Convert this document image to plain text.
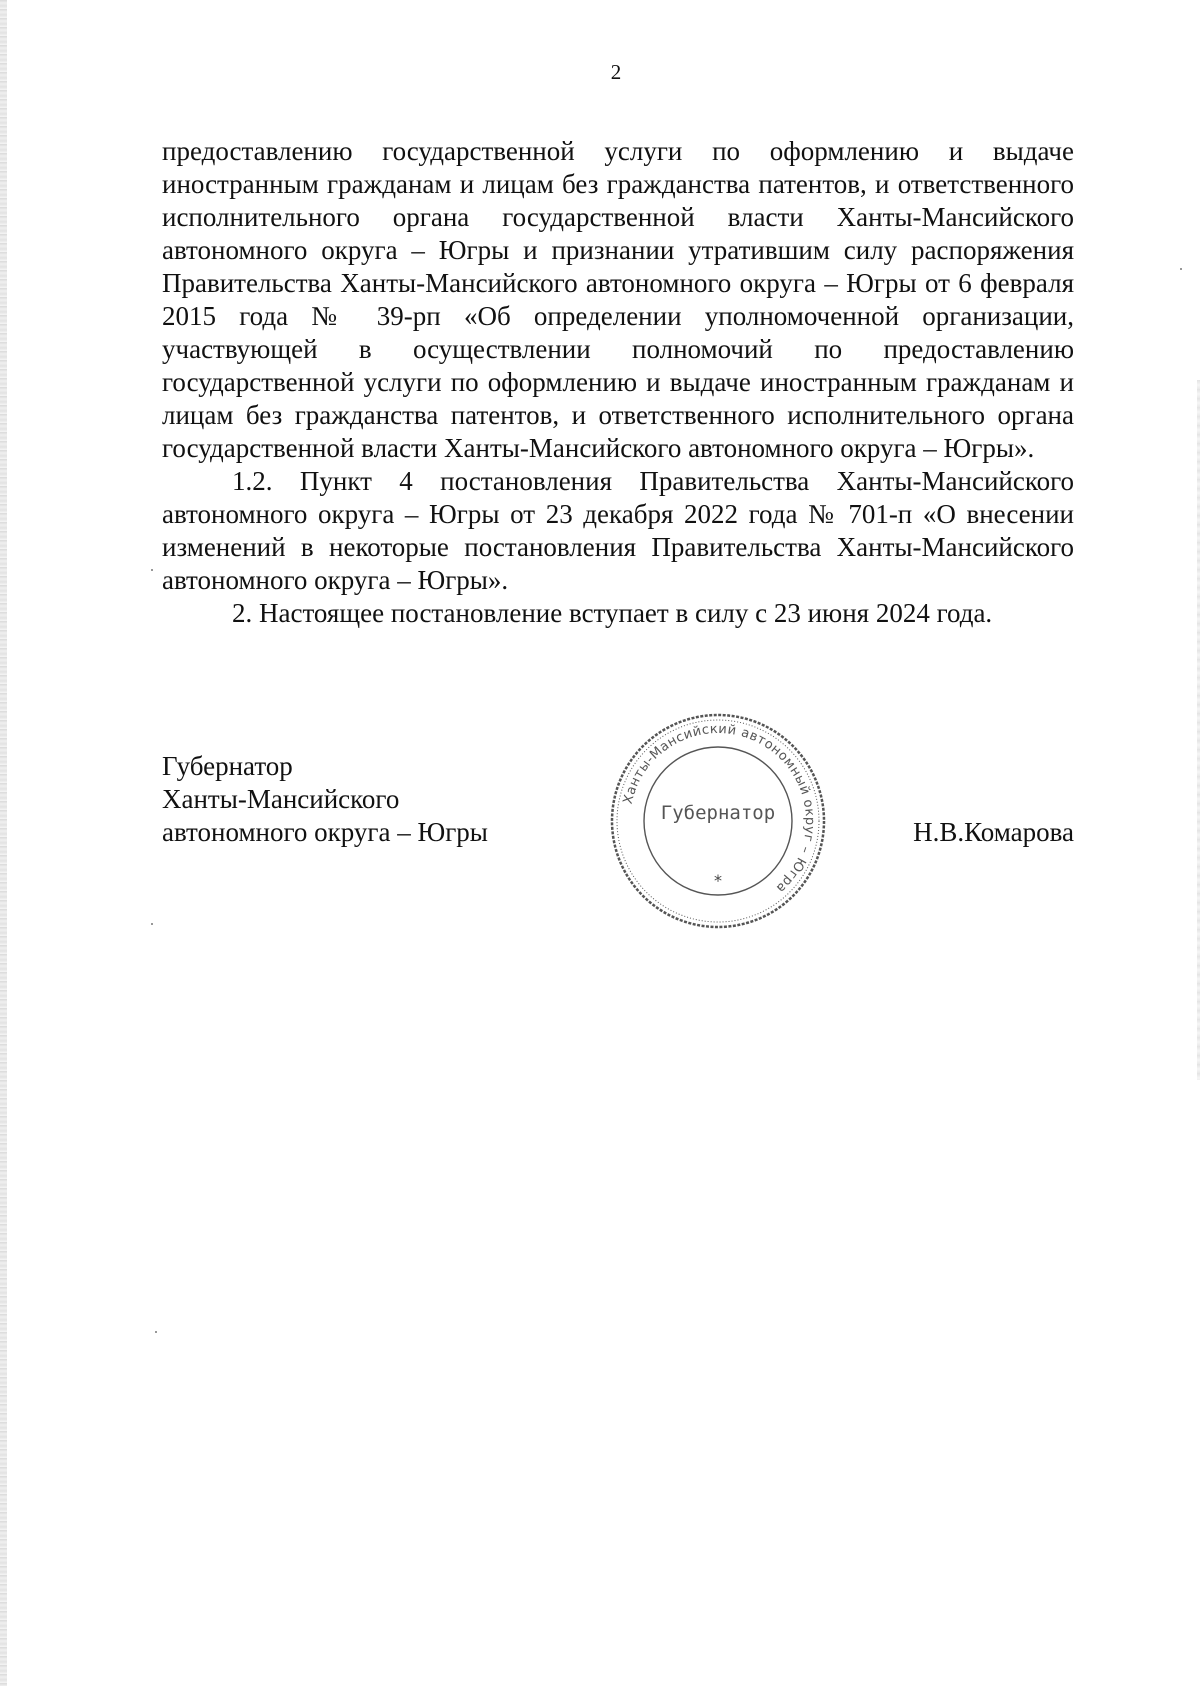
2

предоставлению государственной услуги по оформлению и выдаче иностранным гражданам и лицам без гражданства патентов, и ответственного исполнительного органа государственной власти Ханты-Мансийского автономного округа – Югры и признании утратившим силу распоряжения Правительства Ханты-Мансийского автономного округа – Югры от 6 февраля 2015 года № 39-рп «Об определении уполномоченной организации, участвующей в осуществлении полномочий по предоставлению государственной услуги по оформлению и выдаче иностранным гражданам и лицам без гражданства патентов, и ответственного исполнительного органа государственной власти Ханты-Мансийского автономного округа – Югры».

1.2. Пункт 4 постановления Правительства Ханты-Мансийского автономного округа – Югры от 23 декабря 2022 года № 701-п «О внесении изменений в некоторые постановления Правительства Ханты-Мансийского автономного округа – Югры».

2. Настоящее постановление вступает в силу с 23 июня 2024 года.

Губернатор
Ханты-Мансийского
автономного округа – Югры
Ханты-Мансийский автономный округ – Югра
Губернатор
*
Н.В.Комарова
